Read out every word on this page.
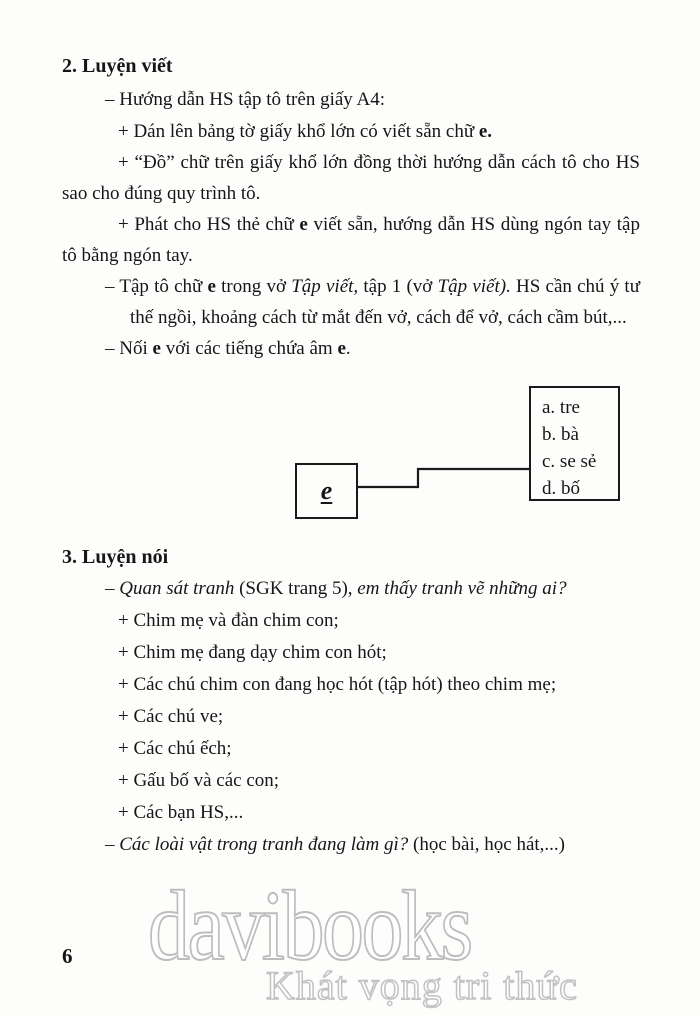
davibooks
Khát vọng tri thức
2. Luyện viết

– Hướng dẫn HS tập tô trên giấy A4:

+ Dán lên bảng tờ giấy khổ lớn có viết sẵn chữ e.

+ “Đồ” chữ trên giấy khổ lớn đồng thời hướng dẫn cách tô cho HS sao cho đúng quy trình tô.

+ Phát cho HS thẻ chữ e viết sẵn, hướng dẫn HS dùng ngón tay tập tô bằng ngón tay.

– Tập tô chữ e trong vở Tập viết, tập 1 (vở Tập viết). HS cần chú ý tư thế ngồi, khoảng cách từ mắt đến vở, cách để vở, cách cầm bút,...

– Nối e với các tiếng chứa âm e.

e
a. tre
b. bà
c. se sẻ
d. bố
3. Luyện nói

– Quan sát tranh (SGK trang 5), em thấy tranh vẽ những ai?

+ Chim mẹ và đàn chim con;

+ Chim mẹ đang dạy chim con hót;

+ Các chú chim con đang học hót (tập hót) theo chim mẹ;

+ Các chú ve;

+ Các chú ếch;

+ Gấu bố và các con;

+ Các bạn HS,...

– Các loài vật trong tranh đang làm gì? (học bài, học hát,...)

6
